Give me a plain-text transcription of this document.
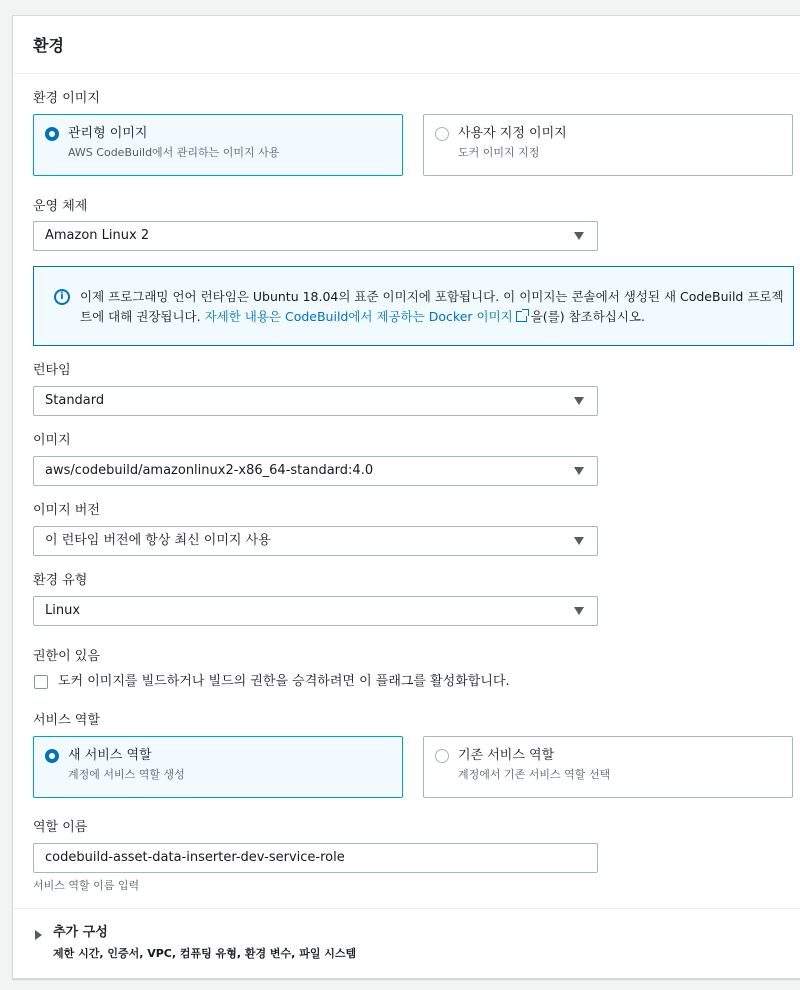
환경
환경 이미지
관리형 이미지
AWS CodeBuild에서 관리하는 이미지 사용
사용자 지정 이미지
도커 이미지 지정
운영 체제
Amazon Linux 2
i	이제 프로그래밍 언어 런타임은 Ubuntu 18.04의 표준 이미지에 포함됩니다. 이 이미지는 콘솔에서 생성된 새 CodeBuild 프로젝트에 대해 권장됩니다. 자세한 내용은 CodeBuild에서 제공하는 Docker 이미지 을(를) 참조하십시오.
런타임
Standard
이미지
aws/codebuild/amazonlinux2-x86_64-standard:4.0
이미지 버전
이 런타임 버전에 항상 최신 이미지 사용
환경 유형
Linux
권한이 있음
도커 이미지를 빌드하거나 빌드의 권한을 승격하려면 이 플래그를 활성화합니다.
서비스 역할
새 서비스 역할
계정에 서비스 역할 생성
기존 서비스 역할
계정에서 기존 서비스 역할 선택
역할 이름
codebuild-asset-data-inserter-dev-service-role
서비스 역할 이름 입력
추가 구성
제한 시간, 인증서, VPC, 컴퓨팅 유형, 환경 변수, 파일 시스템
